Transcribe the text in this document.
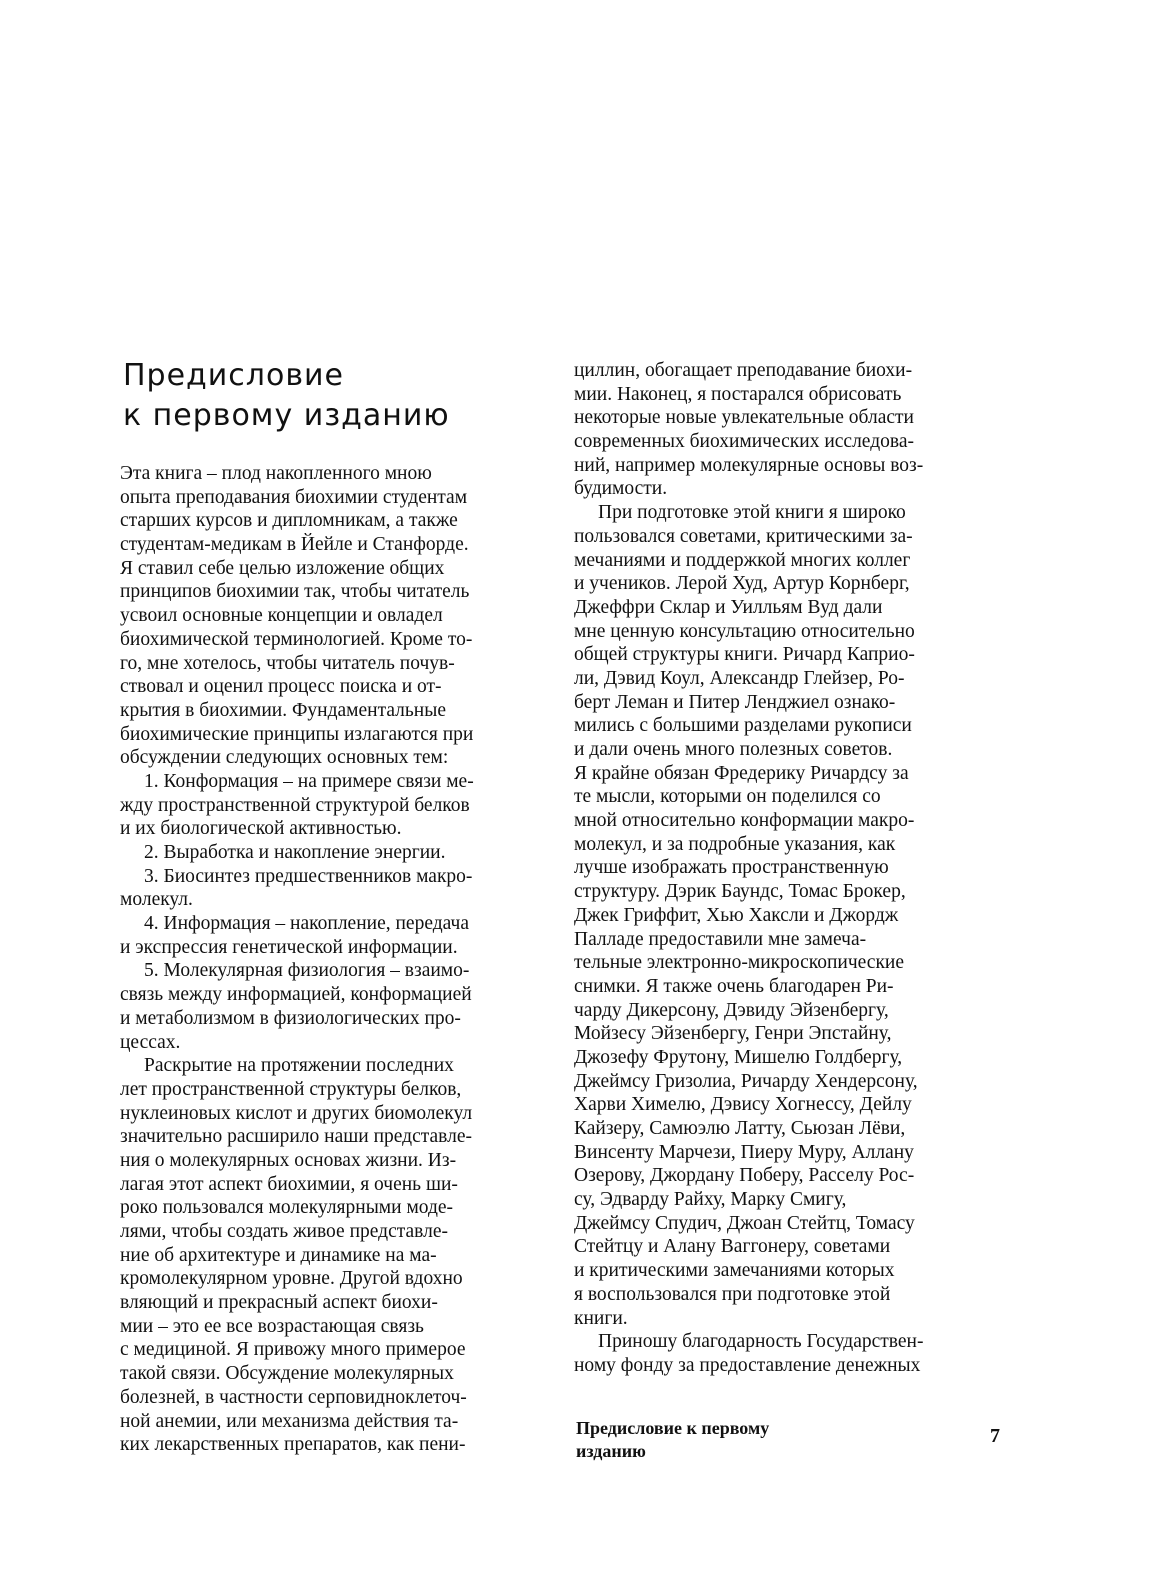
Предисловие
к первому изданию

Эта книга – плод накопленного мною
опыта преподавания биохимии студентам
старших курсов и дипломникам, а также
студентам-медикам в Йейле и Станфорде.
Я ставил себе целью изложение общих
принципов биохимии так, чтобы читатель
усвоил основные концепции и овладел
биохимической терминологией. Кроме то-
го, мне хотелось, чтобы читатель почув-
ствовал и оценил процесс поиска и от-
крытия в биохимии. Фундаментальные
биохимические принципы излагаются при
обсуждении следующих основных тем:

1. Конформация – на примере связи ме-
жду пространственной структурой белков
и их биологической активностью.

2. Выработка и накопление энергии.

3. Биосинтез предшественников макро-
молекул.

4. Информация – накопление, передача
и экспрессия генетической информации.

5. Молекулярная физиология – взаимо-
связь между информацией, конформацией
и метаболизмом в физиологических про-
цессах.

Раскрытие на протяжении последних
лет пространственной структуры белков,
нуклеиновых кислот и других биомолекул
значительно расширило наши представле-
ния о молекулярных основах жизни. Из-
лагая этот аспект биохимии, я очень ши-
роко пользовался молекулярными моде-
лями, чтобы создать живое представле-
ние об архитектуре и динамике на ма-
кромолекулярном уровне. Другой вдохно
вляющий и прекрасный аспект биохи-
мии – это ее все возрастающая связь
с медициной. Я привожу много примерое
такой связи. Обсуждение молекулярных
болезней, в частности серповидноклеточ-
ной анемии, или механизма действия та-
ких лекарственных препаратов, как пени-

циллин, обогащает преподавание биохи-
мии. Наконец, я постарался обрисовать
некоторые новые увлекательные области
современных биохимических исследова-
ний, например молекулярные основы воз-
будимости.

При подготовке этой книги я широко
пользовался советами, критическими за-
мечаниями и поддержкой многих коллег
и учеников. Лерой Худ, Артур Корнберг,
Джеффри Склар и Уилльям Вуд дали
мне ценную консультацию относительно
общей структуры книги. Ричард Каприо-
ли, Дэвид Коул, Александр Глейзер, Ро-
берт Леман и Питер Ленджиел ознако-
мились с большими разделами рукописи
и дали очень много полезных советов.
Я крайне обязан Фредерику Ричардсу за
те мысли, которыми он поделился со
мной относительно конформации макро-
молекул, и за подробные указания, как
лучше изображать пространственную
структуру. Дэрик Баундс, Томас Брокер,
Джек Гриффит, Хью Хаксли и Джордж
Палладе предоставили мне замеча-
тельные электронно-микроскопические
снимки. Я также очень благодарен Ри-
чарду Дикерсону, Дэвиду Эйзенбергу,
Мойзесу Эйзенбергу, Генри Эпстайну,
Джозефу Фрутону, Мишелю Голдбергу,
Джеймсу Гризолиа, Ричарду Хендерсону,
Харви Химелю, Дэвису Хогнессу, Дейлу
Кайзеру, Самюэлю Латту, Сьюзан Лёви,
Винсенту Марчези, Пиеру Муру, Аллану
Озерову, Джордану Поберу, Расселу Рос-
су, Эдварду Райху, Марку Смигу,
Джеймсу Спудич, Джоан Стейтц, Томасу
Стейтцу и Алану Ваггонеру, советами
и критическими замечаниями которых
я воспользовался при подготовке этой
книги.

Приношу благодарность Государствен-
ному фонду за предоставление денежных

Предисловие к первому
изданию
7
